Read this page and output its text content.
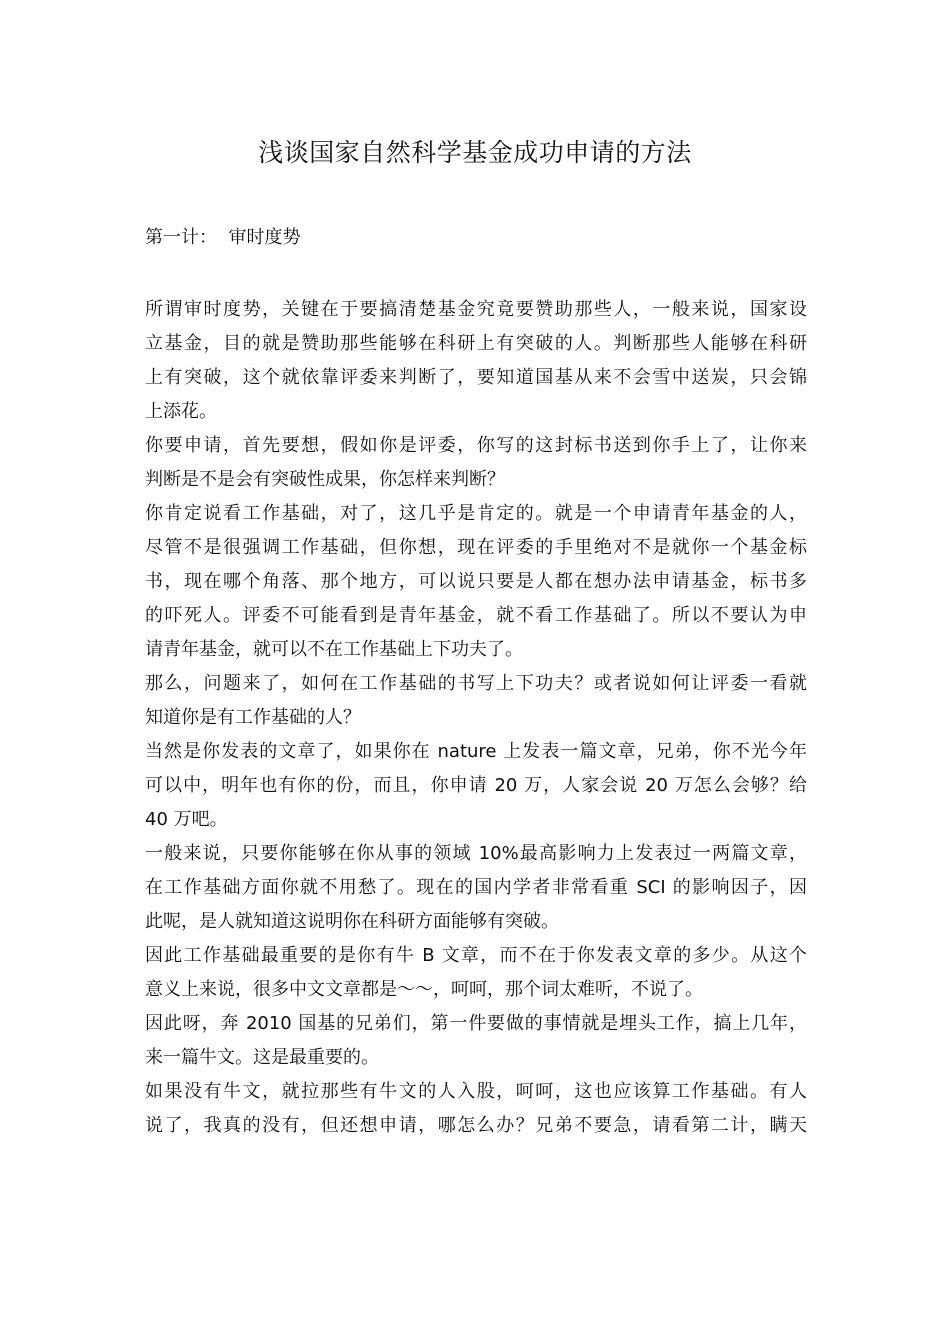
浅谈国家自然科学基金成功申请的方法
第一计：  审时度势
所谓审时度势，关键在于要搞清楚基金究竟要赞助那些人，一般来说，国家设
立基金，目的就是赞助那些能够在科研上有突破的人。判断那些人能够在科研
上有突破，这个就依靠评委来判断了，要知道国基从来不会雪中送炭，只会锦
上添花。
你要申请，首先要想，假如你是评委，你写的这封标书送到你手上了，让你来
判断是不是会有突破性成果，你怎样来判断？
你肯定说看工作基础，对了，这几乎是肯定的。就是一个申请青年基金的人，
尽管不是很强调工作基础，但你想，现在评委的手里绝对不是就你一个基金标
书，现在哪个角落、那个地方，可以说只要是人都在想办法申请基金，标书多
的吓死人。评委不可能看到是青年基金，就不看工作基础了。所以不要认为申
请青年基金，就可以不在工作基础上下功夫了。
那么，问题来了，如何在工作基础的书写上下功夫？或者说如何让评委一看就
知道你是有工作基础的人？
当然是你发表的文章了，如果你在 nature 上发表一篇文章，兄弟，你不光今年
可以中，明年也有你的份，而且，你申请 20 万，人家会说 20 万怎么会够？给
40 万吧。
一般来说，只要你能够在你从事的领域 10%最高影响力上发表过一两篇文章，
在工作基础方面你就不用愁了。现在的国内学者非常看重 SCI 的影响因子，因
此呢，是人就知道这说明你在科研方面能够有突破。
因此工作基础最重要的是你有牛 B 文章，而不在于你发表文章的多少。从这个
意义上来说，很多中文文章都是～～，呵呵，那个词太难听，不说了。
因此呀，奔 2010 国基的兄弟们，第一件要做的事情就是埋头工作，搞上几年，
来一篇牛文。这是最重要的。
如果没有牛文，就拉那些有牛文的人入股，呵呵，这也应该算工作基础。有人
说了，我真的没有，但还想申请，哪怎么办？兄弟不要急，请看第二计，瞒天
